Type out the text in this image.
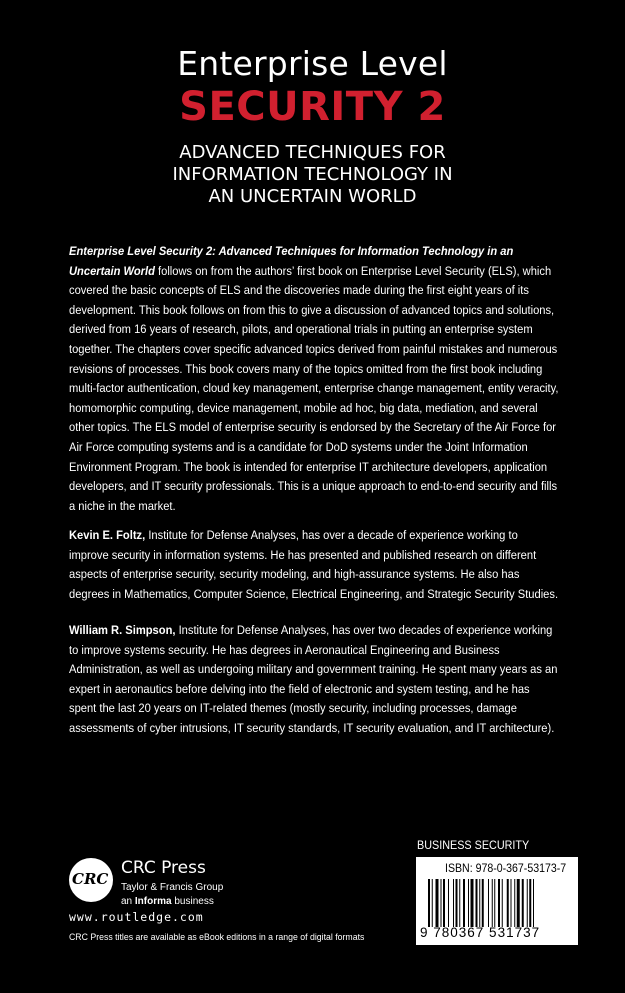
Enterprise Level
SECURITY 2
ADVANCED TECHNIQUES FOR
INFORMATION TECHNOLOGY IN
AN UNCERTAIN WORLD
Enterprise Level Security 2: Advanced Techniques for Information Technology in an Uncertain World follows on from the authors’ first book on Enterprise Level Security (ELS), which covered the basic concepts of ELS and the discoveries made during the first eight years of its development. This book follows on from this to give a discussion of advanced topics and solutions, derived from 16 years of research, pilots, and operational trials in putting an enterprise system together. The chapters cover specific advanced topics derived from painful mistakes and numerous revisions of processes. This book covers many of the topics omitted from the first book including multi-factor authentication, cloud key management, enterprise change management, entity veracity, homomorphic computing, device management, mobile ad hoc, big data, mediation, and several other topics. The ELS model of enterprise security is endorsed by the Secretary of the Air Force for Air Force computing systems and is a candidate for DoD systems under the Joint Information Environment Program. The book is intended for enterprise IT architecture developers, application developers, and IT security professionals. This is a unique approach to end-to-end security and fills a niche in the market.
Kevin E. Foltz, Institute for Defense Analyses, has over a decade of experience working to improve security in information systems. He has presented and published research on different aspects of enterprise security, security modeling, and high-assurance systems. He also has degrees in Mathematics, Computer Science, Electrical Engineering, and Strategic Security Studies.
William R. Simpson, Institute for Defense Analyses, has over two decades of experience working to improve systems security. He has degrees in Aeronautical Engineering and Business Administration, as well as undergoing military and government training. He spent many years as an expert in aeronautics before delving into the field of electronic and system testing, and he has spent the last 20 years on IT-related themes (mostly security, including processes, damage assessments of cyber intrusions, IT security standards, IT security evaluation, and IT architecture).
BUSINESS SECURITY
ISBN: 978-0-367-53173-7
9 780367 531737
CRC
CRC Press
Taylor & Francis Group
an Informa business
www.routledge.com
CRC Press titles are available as eBook editions in a range of digital formats
